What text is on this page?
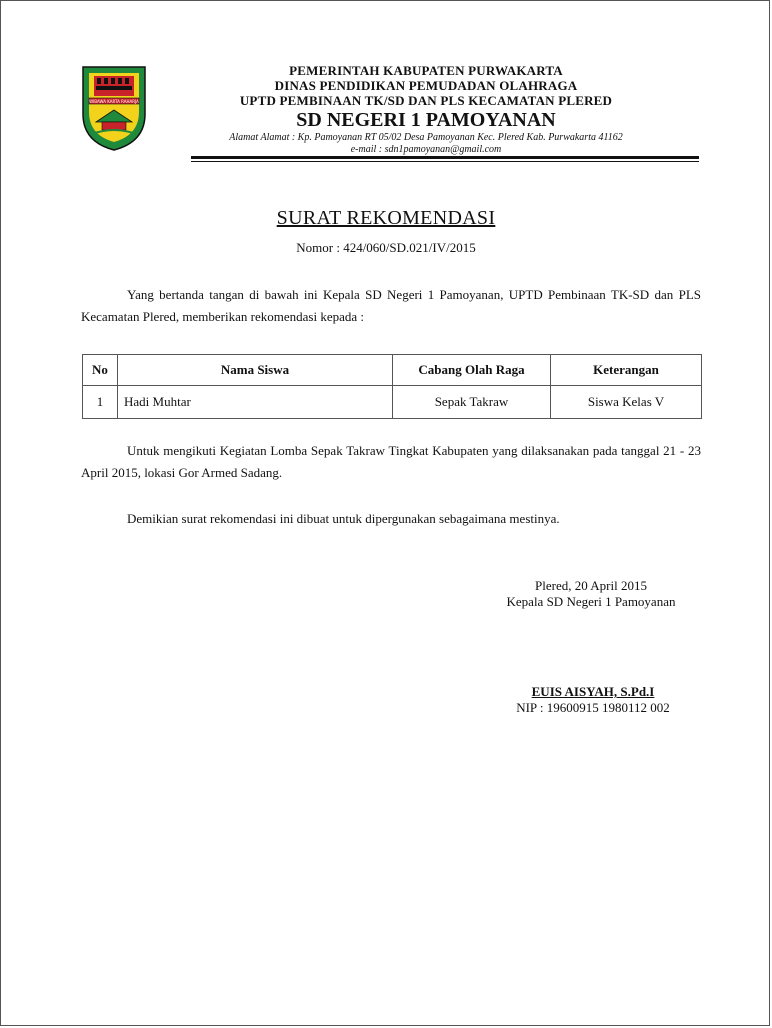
WIBAWA KARTA RAHARJA
PEMERINTAH KABUPATEN PURWAKARTA
DINAS PENDIDIKAN PEMUDADAN OLAHRAGA
UPTD PEMBINAAN TK/SD DAN PLS KECAMATAN PLERED
SD NEGERI 1 PAMOYANAN
Alamat Alamat : Kp. Pamoyanan RT 05/02 Desa Pamoyanan Kec. Plered Kab. Purwakarta 41162
e-mail : sdn1pamoyanan@gmail.com
SURAT REKOMENDASI
Nomor : 424/060/SD.021/IV/2015
Yang bertanda tangan di bawah ini Kepala SD Negeri 1 Pamoyanan, UPTD Pembinaan TK-SD dan PLS Kecamatan Plered, memberikan rekomendasi kepada :
No	Nama Siswa	Cabang Olah Raga	Keterangan
1	Hadi Muhtar	Sepak Takraw	Siswa Kelas V
Untuk mengikuti Kegiatan Lomba Sepak Takraw Tingkat Kabupaten yang dilaksanakan pada tanggal 21 - 23 April 2015, lokasi Gor Armed Sadang.
Demikian surat rekomendasi ini dibuat untuk dipergunakan sebagaimana mestinya.
Plered, 20 April 2015
Kepala SD Negeri 1 Pamoyanan
EUIS AISYAH, S.Pd.I
NIP : 19600915 1980112 002
